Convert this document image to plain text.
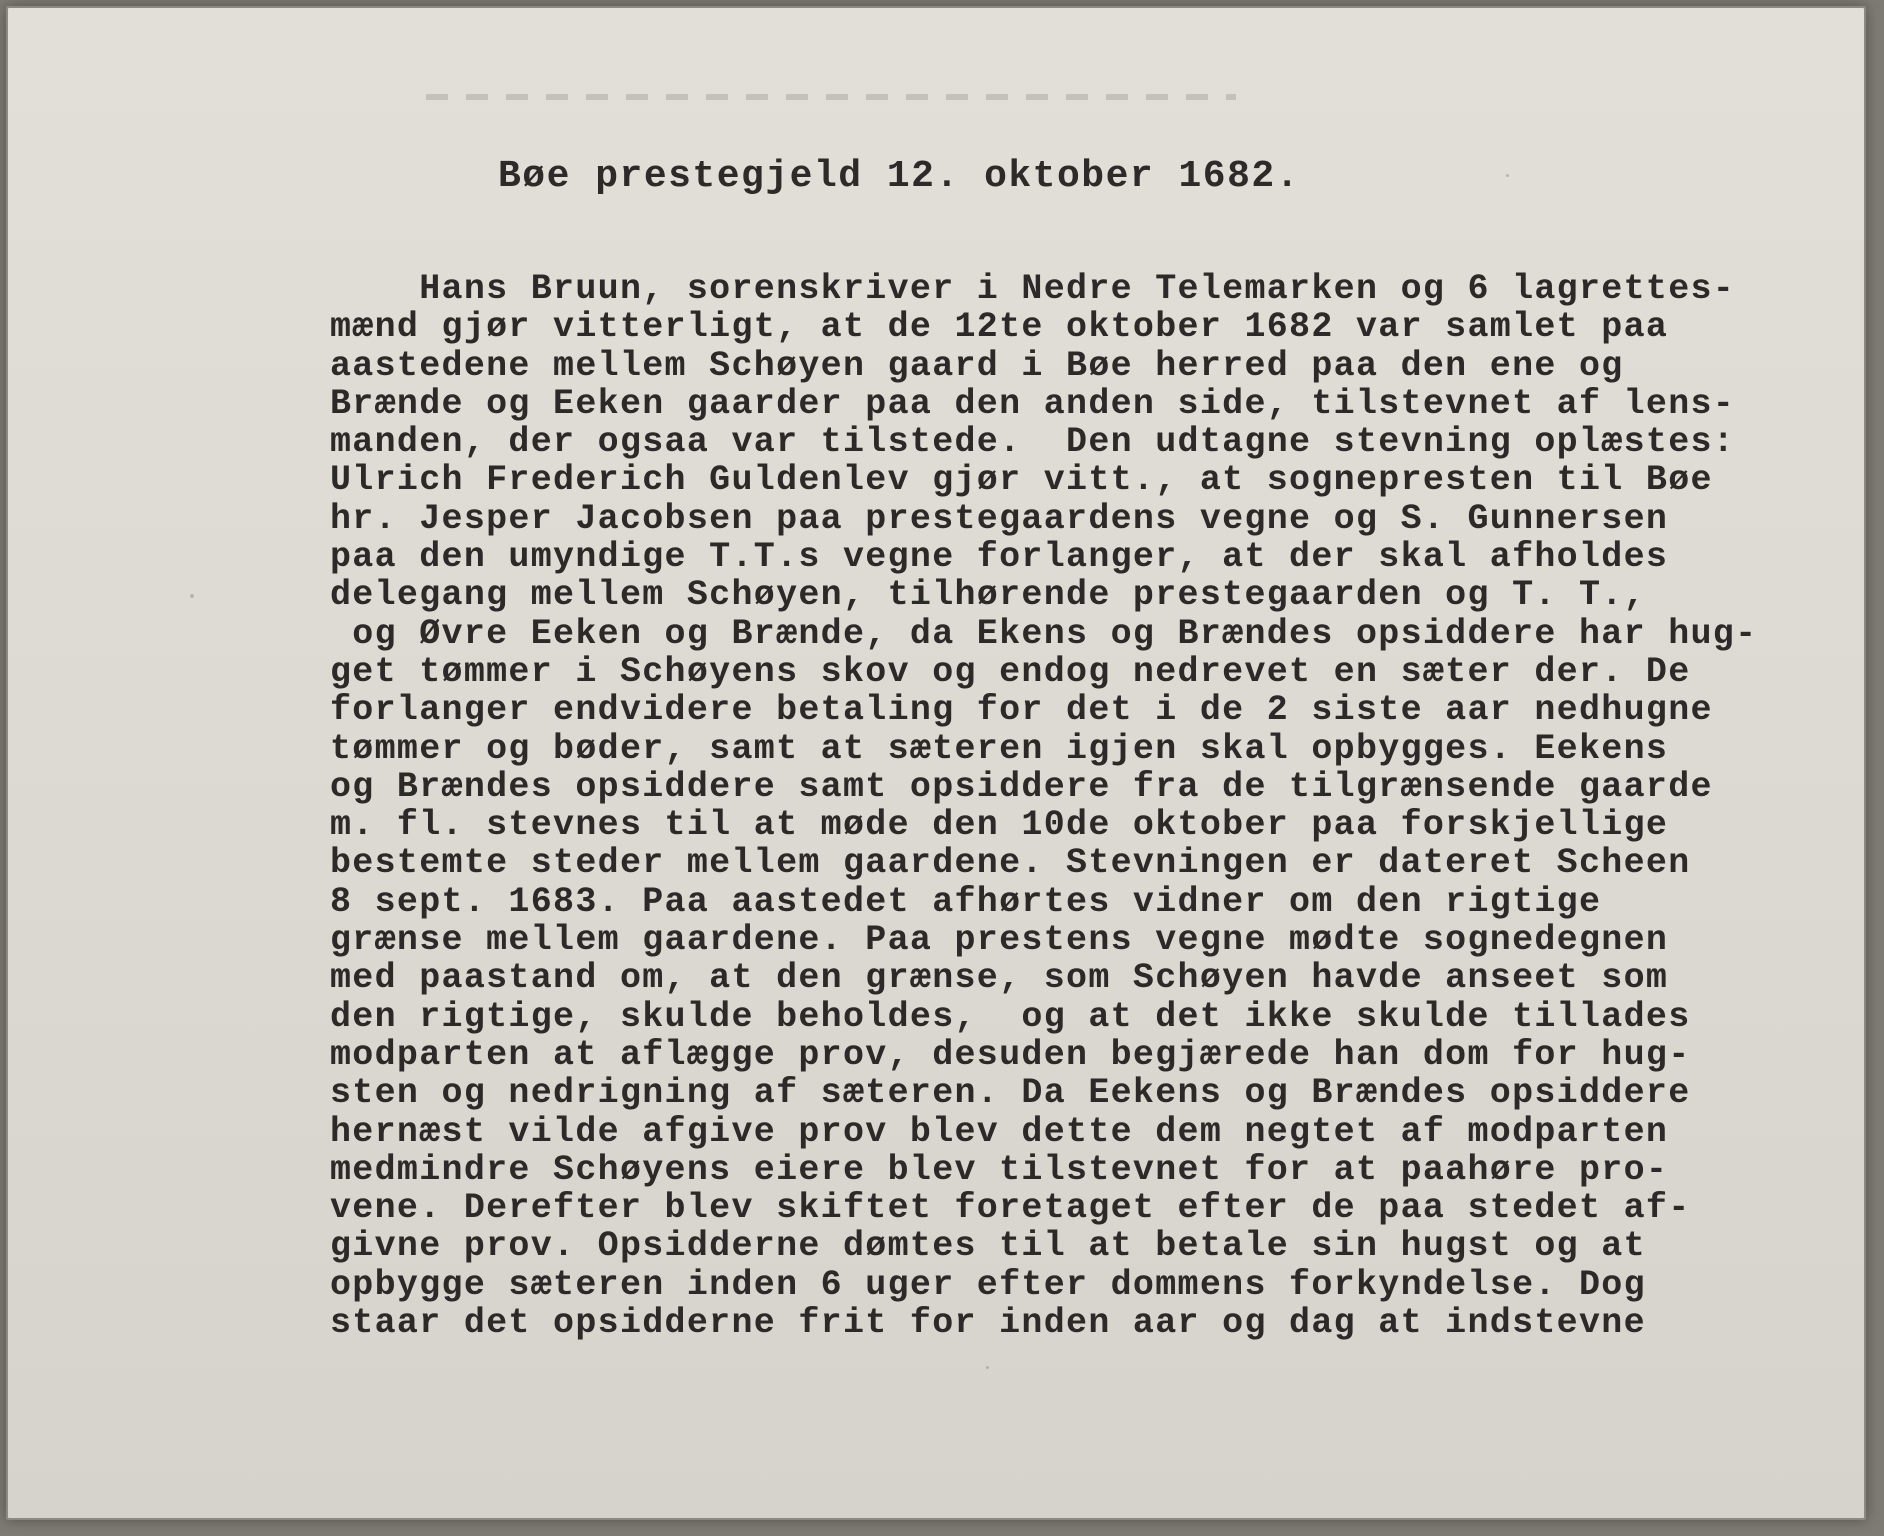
Bøe prestegjeld 12. oktober 1682.
Hans Bruun, sorenskriver i Nedre Telemarken og 6 lagrettes-
mænd gjør vitterligt, at de 12te oktober 1682 var samlet paa
aastedene mellem Schøyen gaard i Bøe herred paa den ene og
Brænde og Eeken gaarder paa den anden side, tilstevnet af lens-
manden, der ogsaa var tilstede.  Den udtagne stevning oplæstes:
Ulrich Frederich Guldenlev gjør vitt., at sognepresten til Bøe
hr. Jesper Jacobsen paa prestegaardens vegne og S. Gunnersen
paa den umyndige T.T.s vegne forlanger, at der skal afholdes
delegang mellem Schøyen, tilhørende prestegaarden og T. T.,
og Øvre Eeken og Brænde, da Ekens og Brændes opsiddere har hug-
get tømmer i Schøyens skov og endog nedrevet en sæter der. De
forlanger endvidere betaling for det i de 2 siste aar nedhugne
tømmer og bøder, samt at sæteren igjen skal opbygges. Eekens
og Brændes opsiddere samt opsiddere fra de tilgrænsende gaarde
m. fl. stevnes til at møde den 10de oktober paa forskjellige
bestemte steder mellem gaardene. Stevningen er dateret Scheen
8 sept. 1683. Paa aastedet afhørtes vidner om den rigtige
grænse mellem gaardene. Paa prestens vegne mødte sognedegnen
med paastand om, at den grænse, som Schøyen havde anseet som
den rigtige, skulde beholdes,  og at det ikke skulde tillades
modparten at aflægge prov, desuden begjærede han dom for hug-
sten og nedrigning af sæteren. Da Eekens og Brændes opsiddere
hernæst vilde afgive prov blev dette dem negtet af modparten
medmindre Schøyens eiere blev tilstevnet for at paahøre pro-
vene. Derefter blev skiftet foretaget efter de paa stedet af-
givne prov. Opsidderne dømtes til at betale sin hugst og at
opbygge sæteren inden 6 uger efter dommens forkyndelse. Dog
staar det opsidderne frit for inden aar og dag at indstevne
